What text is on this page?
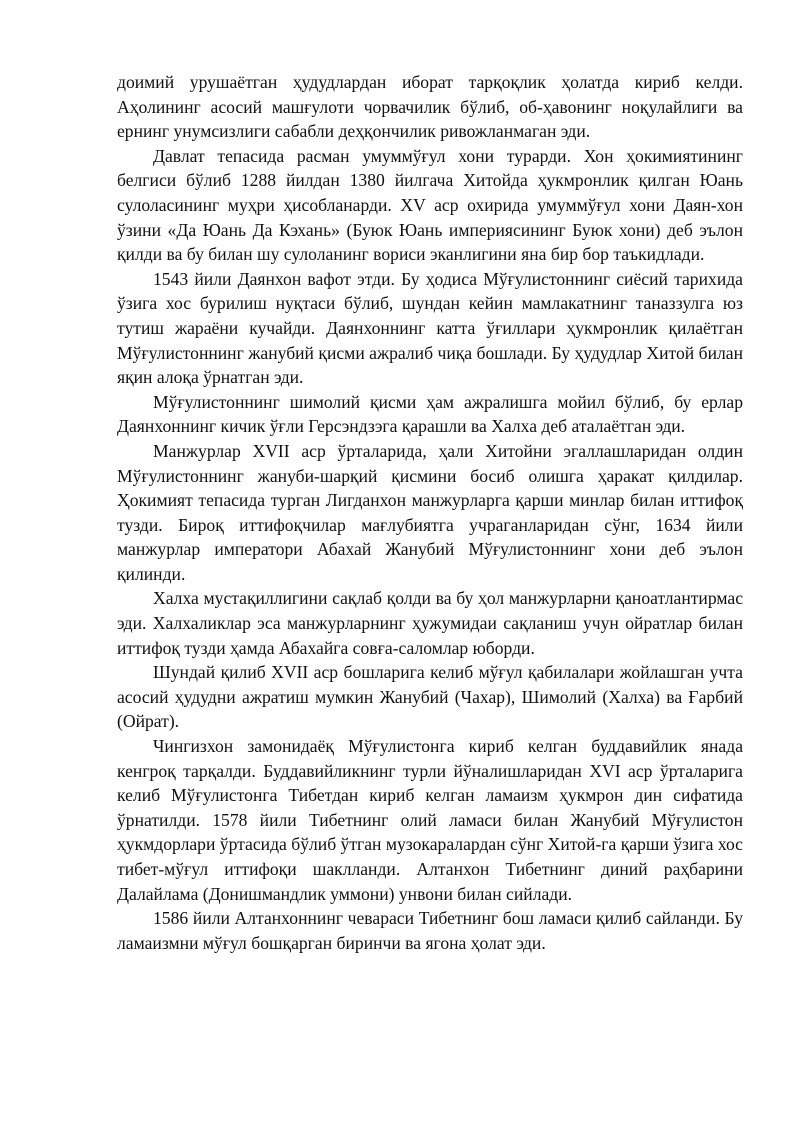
доимий урушаётган ҳудудлардан иборат тарқоқлик ҳолатда кириб келди. Аҳолининг асосий машғулоти чорвачилик бўлиб, об-ҳавонинг ноқулайлиги ва ернинг унумсизлиги сабабли деҳқончилик ривожланмаган эди.

Давлат тепасида расман умуммўғул хони турарди. Хон ҳокимиятининг белгиси бўлиб 1288 йилдан 1380 йилгача Хитойда ҳукмронлик қилган Юань сулоласининг муҳри ҳисобланарди. XV аср охирида умуммўғул хони Даян-хон ўзини «Да Юань Да Кэхань» (Буюк Юань империясининг Буюк хони) деб эълон қилди ва бу билан шу сулоланинг вориси эканлигини яна бир бор таъкидлади.

1543 йили Даянхон вафот этди. Бу ҳодиса Мўғулистоннинг сиёсий тарихида ўзига хос бурилиш нуқтаси бўлиб, шундан кейин мамлакатнинг таназзулга юз тутиш жараёни кучайди. Даянхоннинг катта ўғиллари ҳукмронлик қилаётган Мўғулистоннинг жанубий қисми ажралиб чиқа бошлади. Бу ҳудудлар Хитой билан яқин алоқа ўрнатган эди.

Мўғулистоннинг шимолий қисми ҳам ажралишга мойил бўлиб, бу ерлар Даянхоннинг кичик ўғли Герсэндзэга қарашли ва Халха деб аталаётган эди.

Манжурлар XVII аср ўрталарида, ҳали Хитойни эгаллашларидан олдин Мўғулистоннинг жануби-шарқий қисмини босиб олишга ҳаракат қилдилар. Ҳокимият тепасида турган Лигданхон манжурларга қарши минлар билан иттифоқ тузди. Бироқ иттифоқчилар мағлубиятга учраганларидан сўнг, 1634 йили манжурлар императори Абахай Жанубий Мўғулистоннинг хони деб эълон қилинди.

Халха мустақиллигини сақлаб қолди ва бу ҳол манжурларни қаноатлантирмас эди. Халхаликлар эса манжурларнинг ҳужумидаи сақланиш учун ойратлар билан иттифоқ тузди ҳамда Абахайга совға-саломлар юборди.

Шундай қилиб XVII аср бошларига келиб мўғул қабилалари жойлашган учта асосий ҳудудни ажратиш мумкин Жанубий (Чахар), Шимолий (Халха) ва Ғарбий (Ойрат).

Чингизхон замонидаёқ Мўғулистонга кириб келган буддавийлик янада кенгроқ тарқалди. Буддавийликнинг турли йўналишларидан XVI аср ўрталарига келиб Мўғулистонга Тибетдан кириб келган ламаизм ҳукмрон дин сифатида ўрнатилди. 1578 йили Тибетнинг олий ламаси билан Жанубий Мўғулистон ҳукмдорлари ўртасида бўлиб ўтган музокаралардан сўнг Хитой-га қарши ўзига хос тибет-мўғул иттифоқи шаклланди. Алтанхон Тибетнинг диний раҳбарини Далайлама (Донишмандлик уммони) унвони билан сийлади.

1586 йили Алтанхоннинг чевараси Тибетнинг бош ламаси қилиб сайланди. Бу ламаизмни мўғул бошқарган биринчи ва ягона ҳолат эди.
